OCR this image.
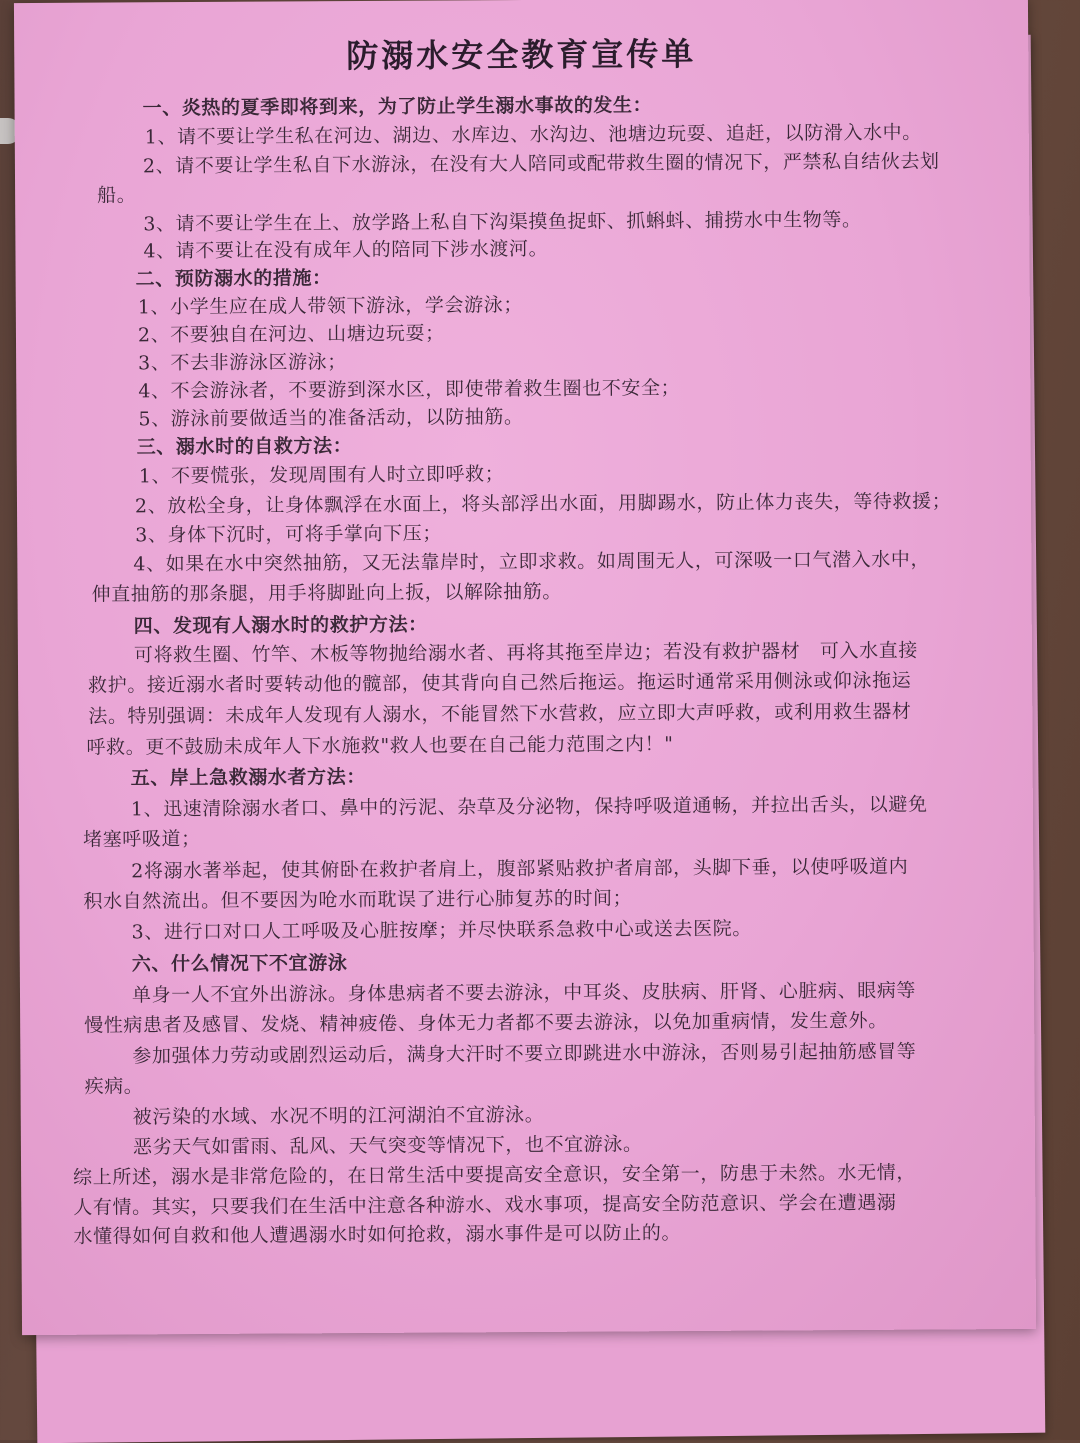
防溺水安全教育宣传单
一、炎热的夏季即将到来，为了防止学生溺水事故的发生：
1、请不要让学生私在河边、湖边、水库边、水沟边、池塘边玩耍、追赶，以防滑入水中。
2、请不要让学生私自下水游泳，在没有大人陪同或配带救生圈的情况下，严禁私自结伙去划
船。
3、请不要让学生在上、放学路上私自下沟渠摸鱼捉虾、抓蝌蚪、捕捞水中生物等。
4、请不要让在没有成年人的陪同下涉水渡河。
二、预防溺水的措施：
1、小学生应在成人带领下游泳，学会游泳；
2、不要独自在河边、山塘边玩耍；
3、不去非游泳区游泳；
4、不会游泳者，不要游到深水区，即使带着救生圈也不安全；
5、游泳前要做适当的准备活动，以防抽筋。
三、溺水时的自救方法：
1、不要慌张，发现周围有人时立即呼救；
2、放松全身，让身体飘浮在水面上，将头部浮出水面，用脚踢水，防止体力丧失，等待救援；
3、身体下沉时，可将手掌向下压；
4、如果在水中突然抽筋，又无法靠岸时，立即求救。如周围无人，可深吸一口气潜入水中，
伸直抽筋的那条腿，用手将脚趾向上扳，以解除抽筋。
四、发现有人溺水时的救护方法：
可将救生圈、竹竿、木板等物抛给溺水者、再将其拖至岸边；若没有救护器材　可入水直接
救护。接近溺水者时要转动他的髋部，使其背向自己然后拖运。拖运时通常采用侧泳或仰泳拖运
法。特别强调：未成年人发现有人溺水，不能冒然下水营救，应立即大声呼救，或利用救生器材
呼救。更不鼓励未成年人下水施救"救人也要在自己能力范围之内！"
五、岸上急救溺水者方法：
1、迅速清除溺水者口、鼻中的污泥、杂草及分泌物，保持呼吸道通畅，并拉出舌头，以避免
堵塞呼吸道；
2将溺水著举起，使其俯卧在救护者肩上，腹部紧贴救护者肩部，头脚下垂，以使呼吸道内
积水自然流出。但不要因为呛水而耽误了进行心肺复苏的时间；
3、进行口对口人工呼吸及心脏按摩；并尽快联系急救中心或送去医院。
六、什么情况下不宜游泳
单身一人不宜外出游泳。身体患病者不要去游泳，中耳炎、皮肤病、肝肾、心脏病、眼病等
慢性病患者及感冒、发烧、精神疲倦、身体无力者都不要去游泳，以免加重病情，发生意外。
参加强体力劳动或剧烈运动后，满身大汗时不要立即跳进水中游泳，否则易引起抽筋感冒等
疾病。
被污染的水域、水况不明的江河湖泊不宜游泳。
恶劣天气如雷雨、乱风、天气突变等情况下，也不宜游泳。
综上所述，溺水是非常危险的，在日常生活中要提高安全意识，安全第一，防患于未然。水无情，
人有情。其实，只要我们在生活中注意各种游水、戏水事项，提高安全防范意识、学会在遭遇溺
水懂得如何自救和他人遭遇溺水时如何抢救，溺水事件是可以防止的。
